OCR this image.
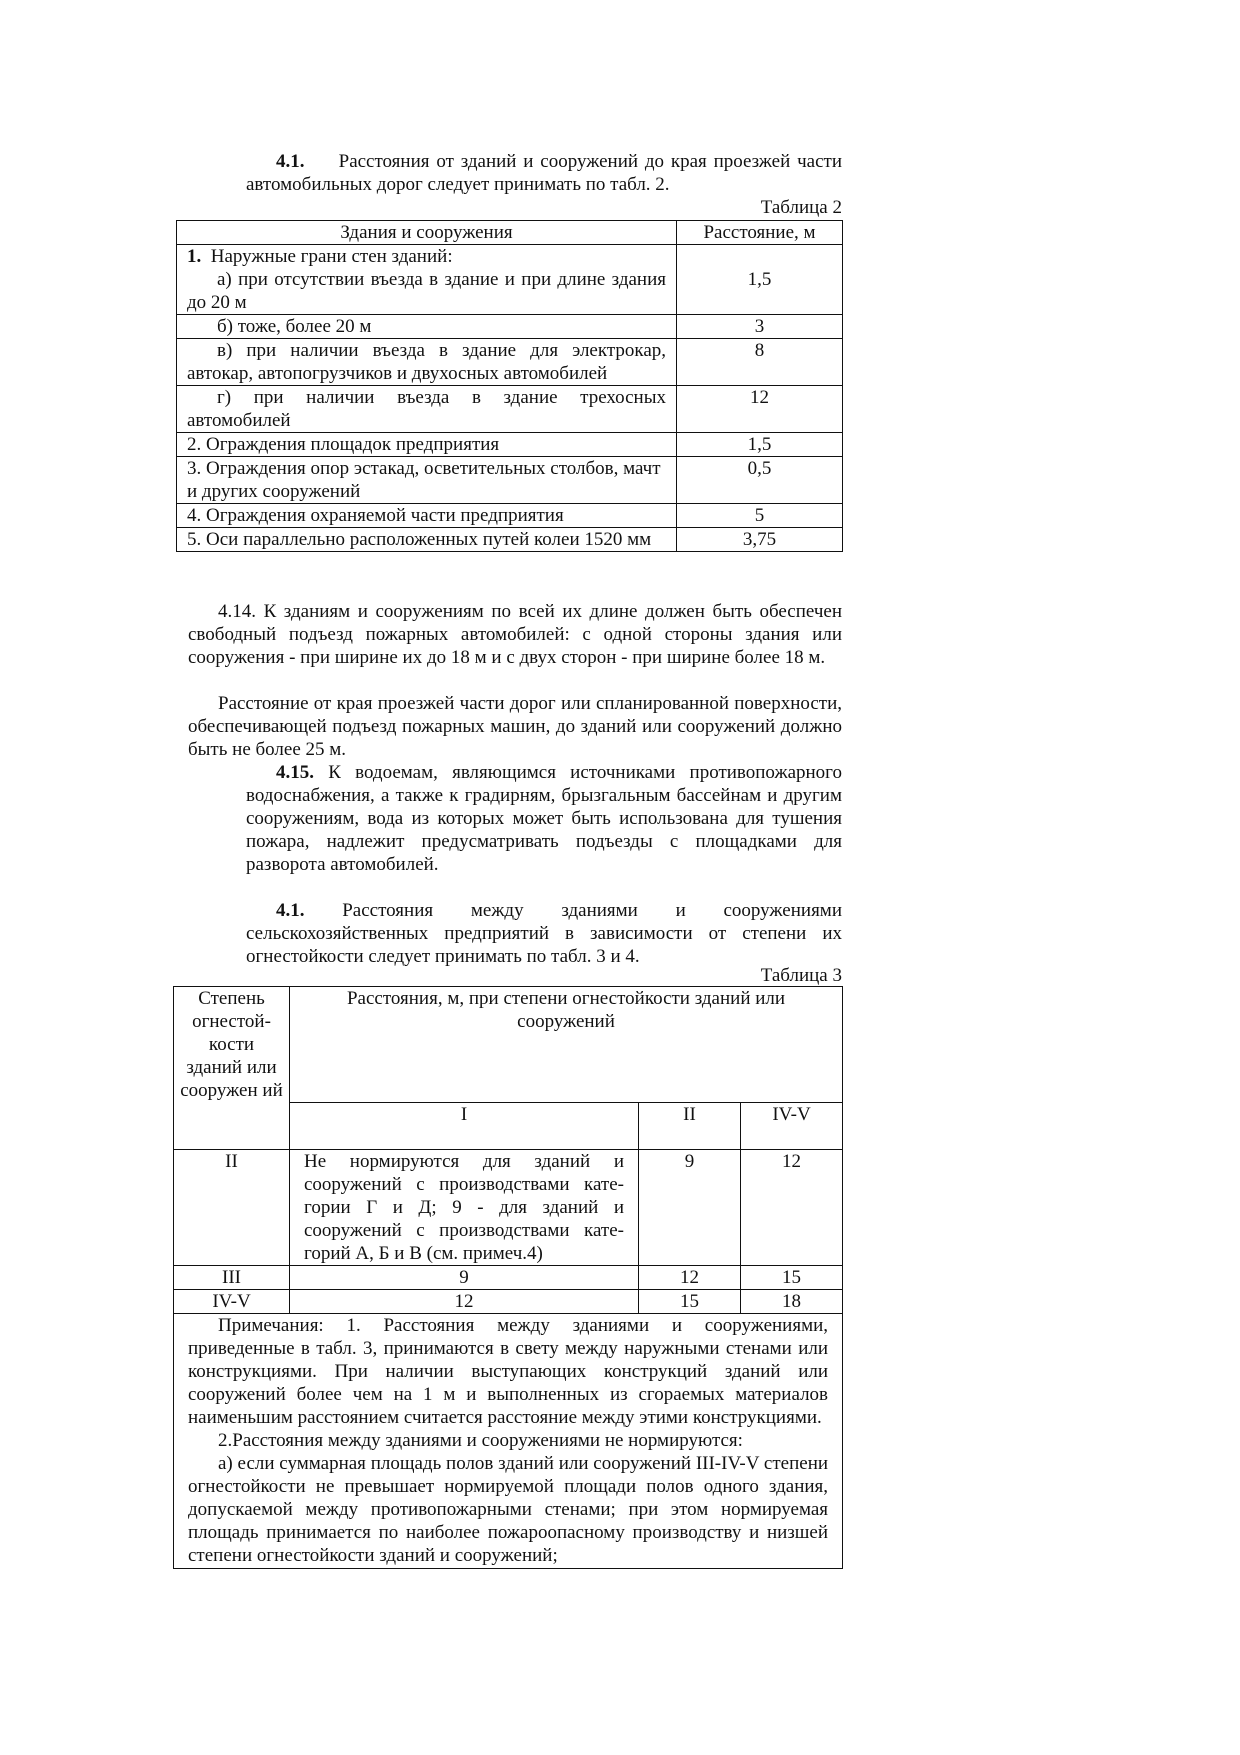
4.1. Расстояния от зданий и сооружений до края проезжей части автомобильных дорог следует принимать по табл. 2.

Таблица 2
Здания и сооружения	Расстояние, м

1. Наружные грани стен зданий:
а) при отсутствии въезда в здание и при длине здания до 20 м	1,5
б) тоже, более 20 м	3
в) при наличии въезда в здание для электрокар, автокар, автопогрузчиков и двухосных автомобилей	8
г) при наличии въезда в здание трехосных автомобилей	12
2. Ограждения площадок предприятия	1,5
3. Ограждения опор эстакад, осветительных столбов, мачт и других сооружений	0,5
4. Ограждения охраняемой части предприятия	5
5. Оси параллельно расположенных путей колеи 1520 мм	3,75

4.14. К зданиям и сооружениям по всей их длине должен быть обеспечен свободный подъезд пожарных автомобилей: с одной стороны здания или сооружения - при ширине их до 18 м и с двух сторон - при ширине более 18 м.

Расстояние от края проезжей части дорог или спланированной поверхности, обеспечивающей подъезд пожарных машин, до зданий или сооружений должно быть не более 25 м.

4.15. К водоемам, являющимся источниками противопожарного водоснабжения, а также к градирням, брызгальным бассейнам и другим сооружениям, вода из которых может быть использована для тушения пожара, надлежит предусматривать подъезды с площадками для разворота автомобилей.

4.1. Расстояния между зданиями и сооружениями сельскохозяйственных предприятий в зависимости от степени их огнестойкости следует принимать по табл. 3 и 4.

Таблица 3
Степень огнестой-кости зданий или сооружен ий	Расстояния, м, при степени огнестойкости зданий или сооружений		
	I	II	IV-V
II	Не нормируются для зданий и сооружений с производствами кате-гории Г и Д; 9 - для зданий и сооружений с производствами кате-горий А, Б и В (см. примеч.4)	9	12
III	9	12	15
IV-V	12	15	18

Примечания: 1. Расстояния между зданиями и сооружениями, приведенные в табл. 3, принимаются в свету между наружными стенами или конструкциями. При наличии выступающих конструкций зданий или сооружений более чем на 1 м и выполненных из сгораемых материалов наименьшим расстоянием считается расстояние между этими конструкциями.

2.Расстояния между зданиями и сооружениями не нормируются:

а) если суммарная площадь полов зданий или сооружений III-IV-V степени огнестойкости не превышает нормируемой площади полов одного здания, допускаемой между противопожарными стенами; при этом нормируемая площадь принимается по наиболее пожароопасному производству и низшей степени огнестойкости зданий и сооружений;			
